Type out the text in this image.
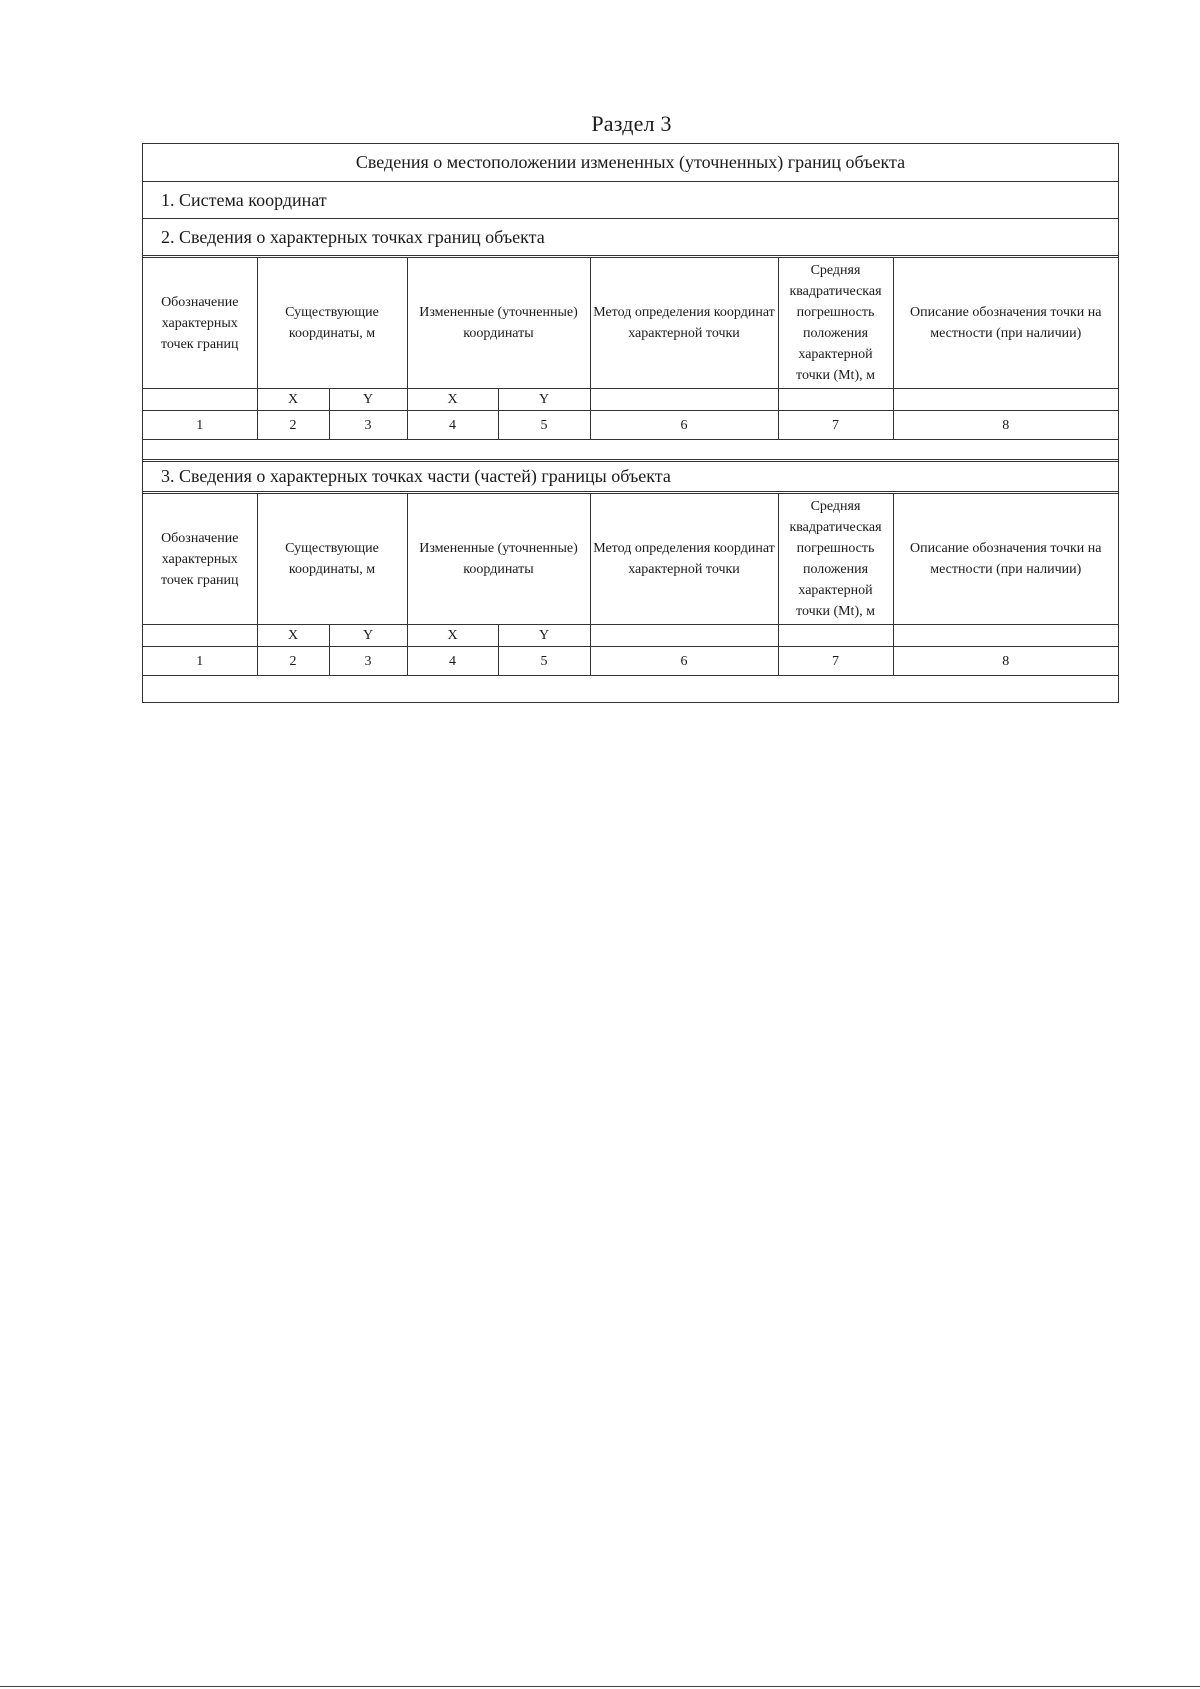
Раздел 3
Сведения о местоположении измененных (уточненных) границ объекта
1. Система координат
2. Сведения о характерных точках границ объекта
Обозначение характерных точек границ	Существующие координаты, м		Измененные (уточненные) координаты		Метод определения координат характерной точки	Средняя квадратическая погрешность положения характерной точки (Mt), м	Описание обозначения точки на местности (при наличии)
	X	Y	X	Y			
1	2	3	4	5	6	7	8
3. Сведения о характерных точках части (частей) границы объекта
Обозначение характерных точек границ	Существующие координаты, м		Измененные (уточненные) координаты		Метод определения координат характерной точки	Средняя квадратическая погрешность положения характерной точки (Mt), м	Описание обозначения точки на местности (при наличии)
	X	Y	X	Y			
1	2	3	4	5	6	7	8
